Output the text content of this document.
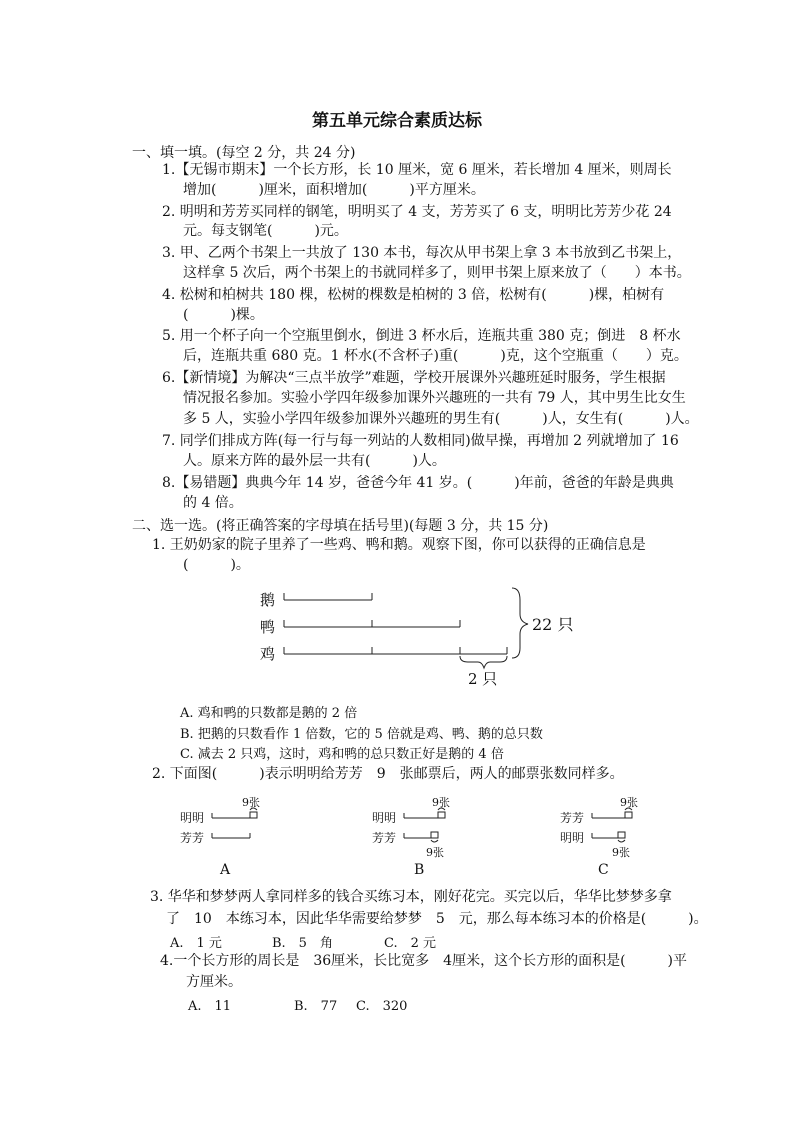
第五单元综合素质达标
一、填一填。(每空 2 分，共 24 分)
1.【无锡市期末】一个长方形，长 10 厘米，宽 6 厘米，若长增加 4 厘米，则周长
增加(　　　)厘米，面积增加(　　　)平方厘米。
2. 明明和芳芳买同样的钢笔，明明买了 4 支，芳芳买了 6 支，明明比芳芳少花 24
元。每支钢笔(　　　)元。
3. 甲、乙两个书架上一共放了 130 本书，每次从甲书架上拿 3 本书放到乙书架上，
这样拿 5 次后，两个书架上的书就同样多了，则甲书架上原来放了（　　）本书。
4. 松树和柏树共 180 棵，松树的棵数是柏树的 3 倍，松树有(　　　)棵，柏树有
(　　　)棵。
5. 用一个杯子向一个空瓶里倒水，倒进 3 杯水后，连瓶共重 380 克；倒进　8 杯水
后，连瓶共重 680 克。1 杯水(不含杯子)重(　　　)克，这个空瓶重（　　）克。
6.【新情境】为解决“三点半放学”难题，学校开展课外兴趣班延时服务，学生根据
情况报名参加。实验小学四年级参加课外兴趣班的一共有 79 人，其中男生比女生
多 5 人，实验小学四年级参加课外兴趣班的男生有(　　　)人，女生有(　　　)人。
7. 同学们排成方阵(每一行与每一列站的人数相同)做早操，再增加 2 列就增加了 16
人。原来方阵的最外层一共有(　　　)人。
8.【易错题】典典今年 14 岁，爸爸今年 41 岁。(　　　)年前，爸爸的年龄是典典
的 4 倍。
二、选一选。(将正确答案的字母填在括号里)(每题 3 分，共 15 分)
1. 王奶奶家的院子里养了一些鸡、鸭和鹅。观察下图，你可以获得的正确信息是
(　　　)。
鹅
鸭
鸡
22 只
2 只
A. 鸡和鸭的只数都是鹅的 2 倍
B. 把鹅的只数看作 1 倍数，它的 5 倍就是鸡、鸭、鹅的总只数
C. 减去 2 只鸡，这时，鸡和鸭的总只数正好是鹅的 4 倍
2. 下面图(　　　)表示明明给芳芳　9　张邮票后，两人的邮票张数同样多。
9张
明明
芳芳
A
9张
9张
明明
芳芳
B
9张
9张
芳芳
明明
C
3. 华华和梦梦两人拿同样多的钱合买练习本，刚好花完。买完以后，华华比梦梦多拿
了　10　本练习本，因此华华需要给梦梦　5　元，那么每本练习本的价格是(　　　)。
A.　1 元	B.　5　角	C.　2 元
4.一个长方形的周长是　36厘米，长比宽多　4厘米，这个长方形的面积是(　　　)平
方厘米。
A.　11	B.　77 C.　320
